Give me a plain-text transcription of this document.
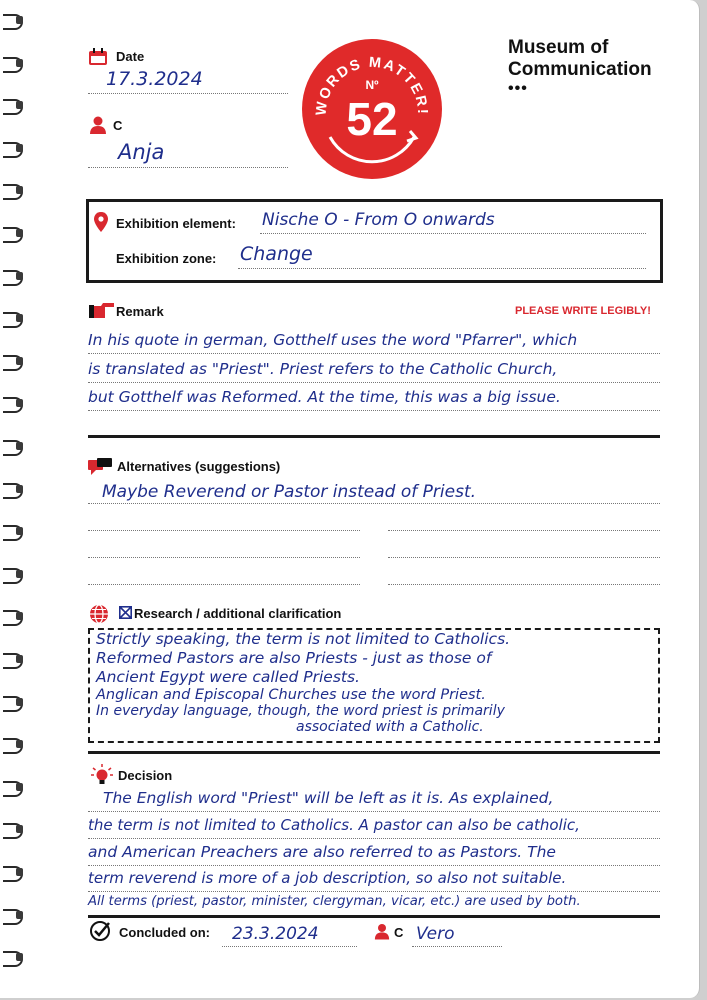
Date
17.3.2024
C
Anja
WORDS MATTER!
Nº
52
Museum of
Communication
•••
Exhibition element: Nische O - From O onwards
Exhibition zone: Change
Remark	PLEASE WRITE LEGIBLY!
In his quote in german, Gotthelf uses the word "Pfarrer", which
is translated as "Priest". Priest refers to the Catholic Church,
but Gotthelf was Reformed. At the time, this was a big issue.
Alternatives (suggestions)
Maybe Reverend or Pastor instead of Priest.
Research / additional clarification
Strictly speaking, the term is not limited to Catholics.
Reformed Pastors are also Priests - just as those of
Ancient Egypt were called Priests.
Anglican and Episcopal Churches use the word Priest.
In everyday language, though, the word priest is primarily
associated with a Catholic.
Decision
The English word "Priest" will be left as it is. As explained,
the term is not limited to Catholics. A pastor can also be catholic,
and American Preachers are also referred to as Pastors. The
term reverend is more of a job description, so also not suitable.
All terms (priest, pastor, minister, clergyman, vicar, etc.) are used by both.
Concluded on: 23.3.2024	C Vero
